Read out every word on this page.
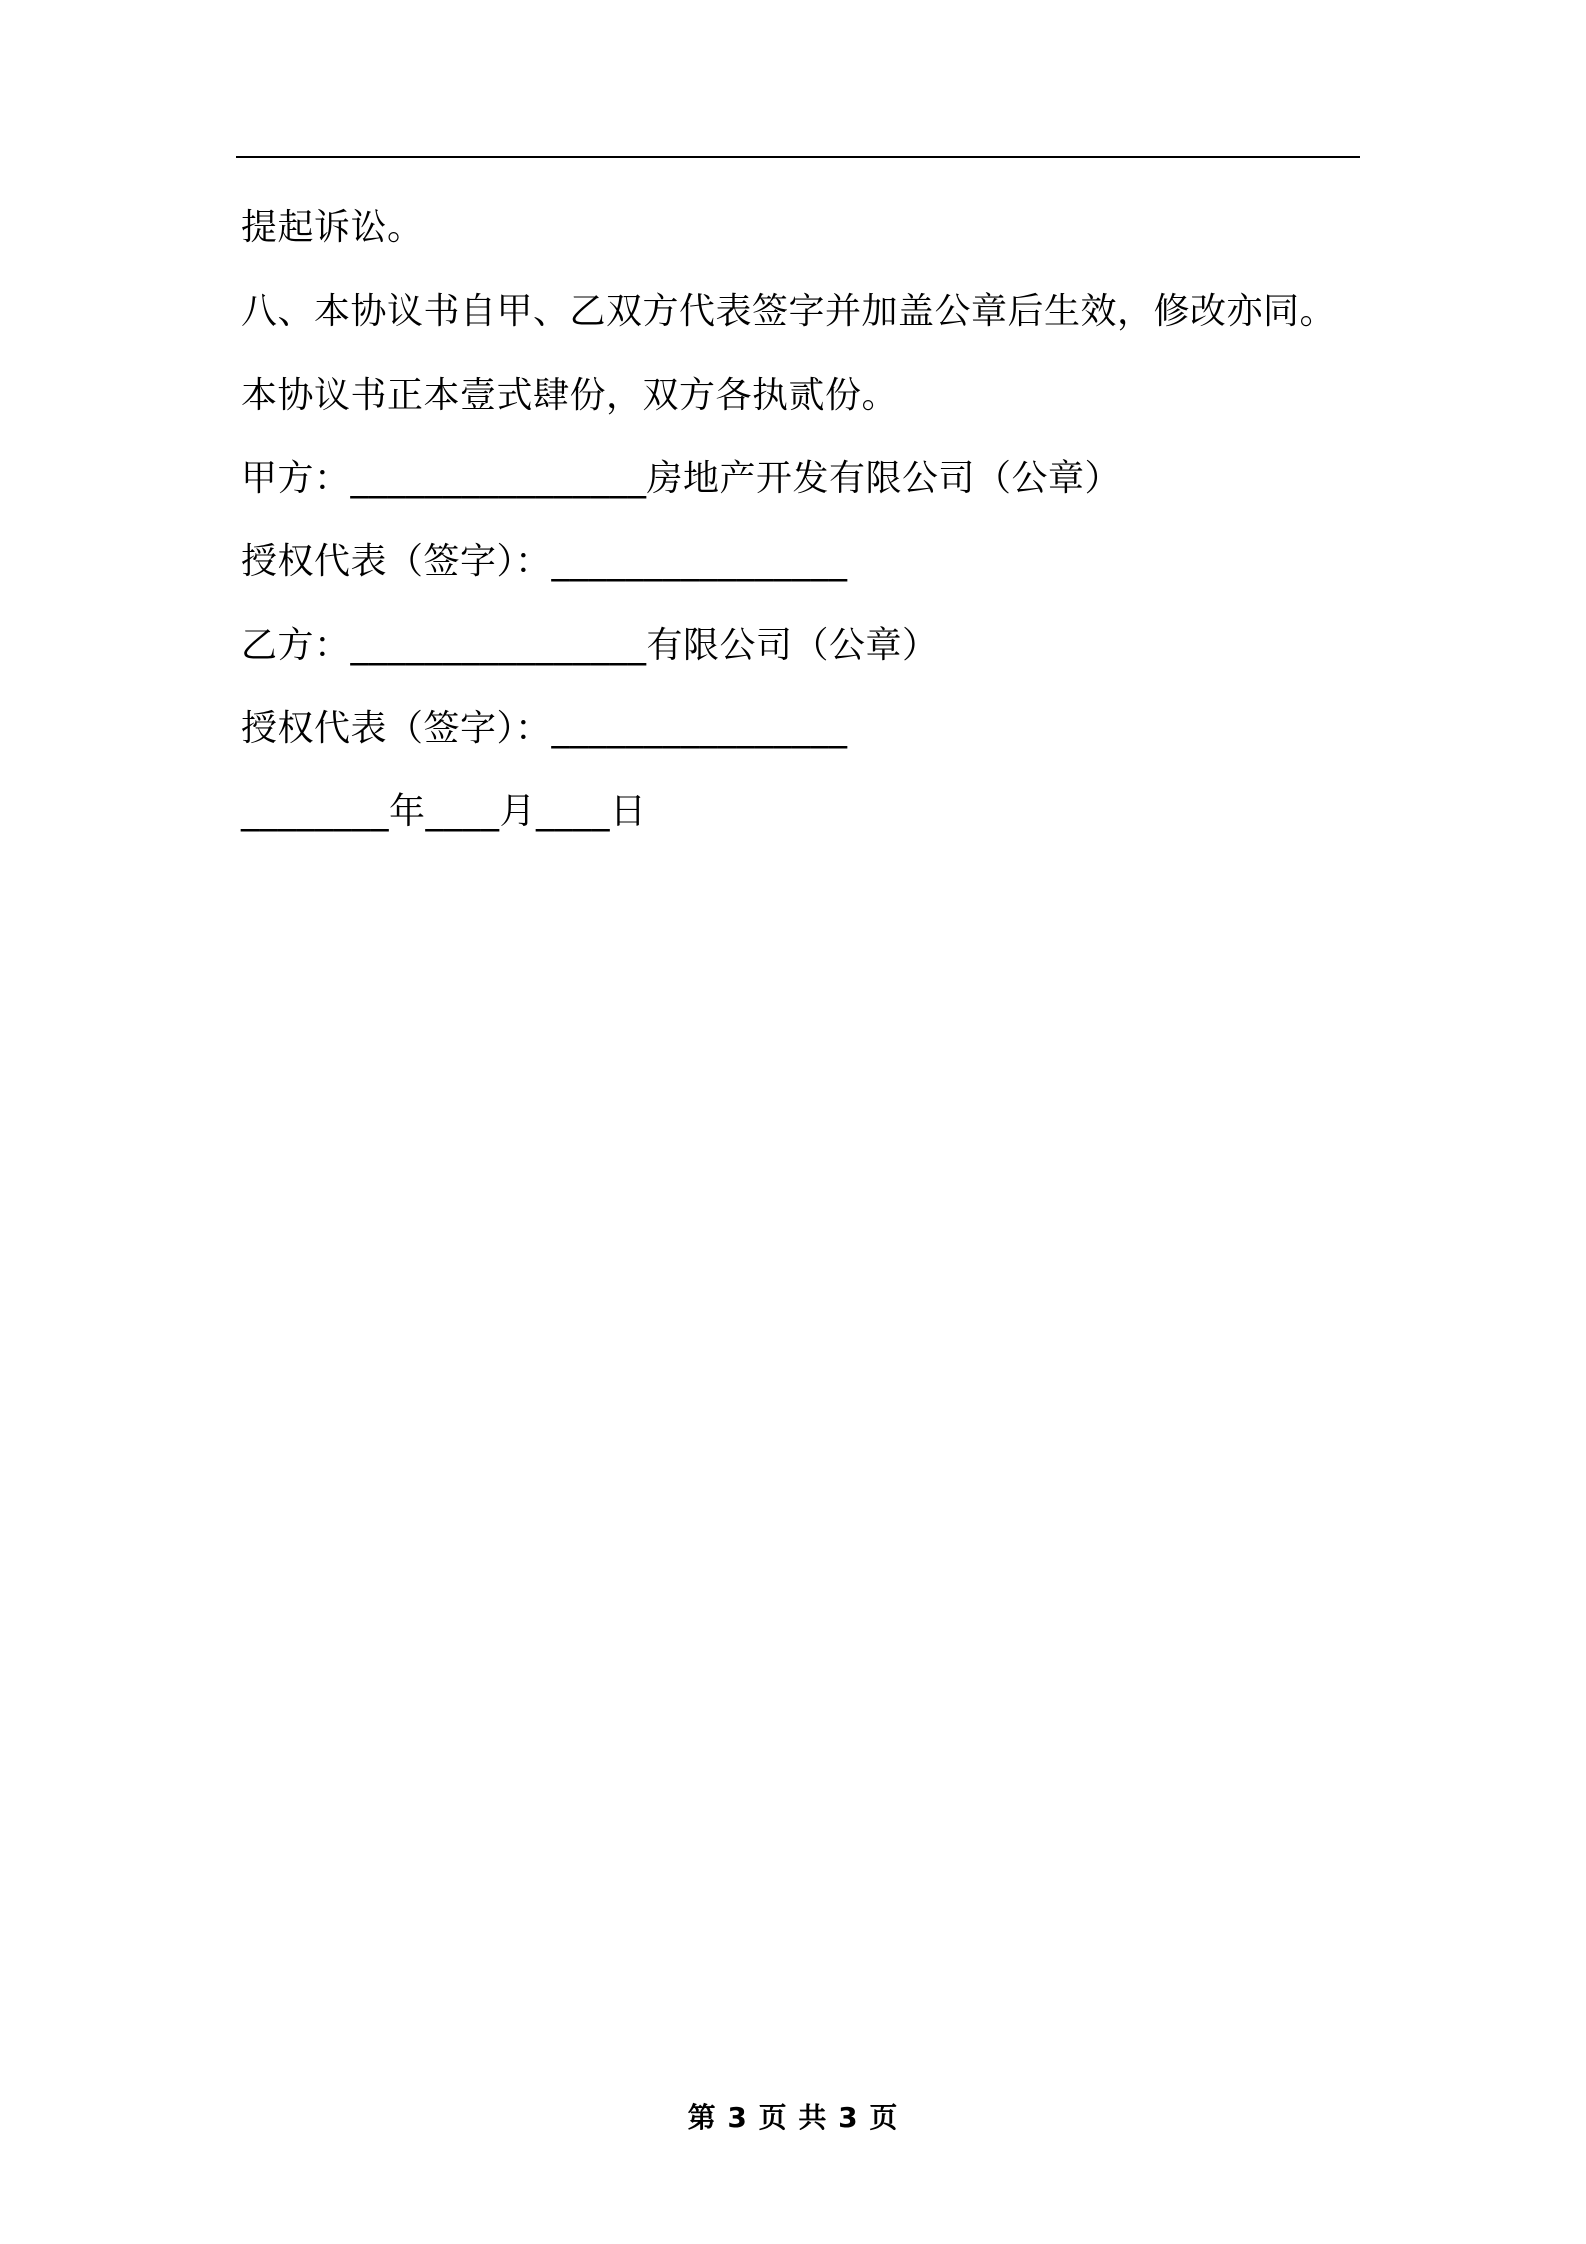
提起诉讼。
八、本协议书自甲、乙双方代表签字并加盖公章后生效，修改亦同。
本协议书正本壹式肆份，双方各执贰份。
甲方：________________房地产开发有限公司（公章）
授权代表（签字）：________________
乙方：________________有限公司（公章）
授权代表（签字）：________________
________年____月____日
第 3 页 共 3 页
